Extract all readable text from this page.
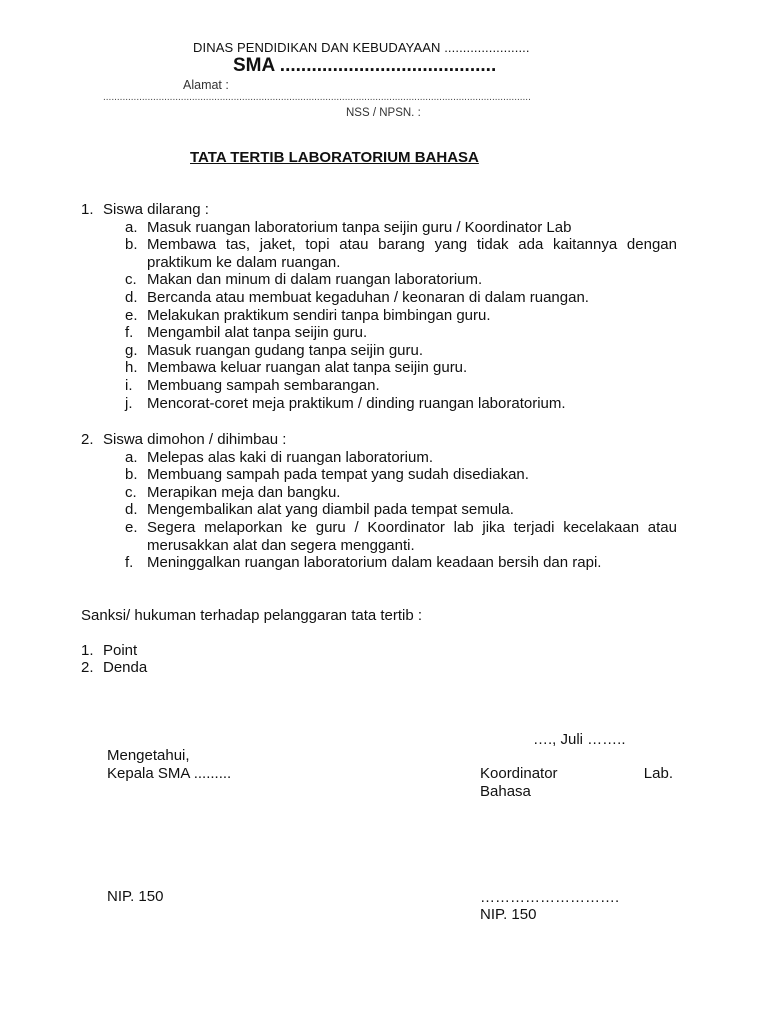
DINAS PENDIDIKAN DAN KEBUDAYAAN .......................
SMA .........................................
Alamat :
..........................................................................................................................................................
NSS / NPSN. :
TATA TERTIB LABORATORIUM BAHASA
1. Siswa dilarang :
a. Masuk ruangan laboratorium tanpa seijin guru / Koordinator Lab
b. Membawa tas, jaket, topi atau barang yang tidak ada kaitannya dengan praktikum ke dalam ruangan.
c. Makan dan minum di dalam ruangan laboratorium.
d. Bercanda atau membuat kegaduhan / keonaran di dalam ruangan.
e. Melakukan praktikum sendiri tanpa bimbingan guru.
f. Mengambil alat tanpa seijin guru.
g. Masuk ruangan gudang tanpa seijin guru.
h. Membawa keluar ruangan alat tanpa seijin guru.
i. Membuang sampah sembarangan.
j. Mencorat-coret meja praktikum / dinding ruangan laboratorium.
2. Siswa dimohon / dihimbau :
a. Melepas alas kaki di ruangan laboratorium.
b. Membuang sampah pada tempat yang sudah disediakan.
c. Merapikan meja dan bangku.
d. Mengembalikan alat yang diambil pada tempat semula.
e. Segera melaporkan ke guru / Koordinator lab jika terjadi kecelakaan atau merusakkan alat dan segera mengganti.
f. Meninggalkan ruangan laboratorium dalam keadaan bersih dan rapi.
Sanksi/ hukuman terhadap pelanggaran tata tertib :
1. Point
2. Denda
…., Juli ……..
Mengetahui,
Kepala SMA .........	Koordinator	Lab.
Bahasa
NIP. 150	……………………….
NIP. 150
